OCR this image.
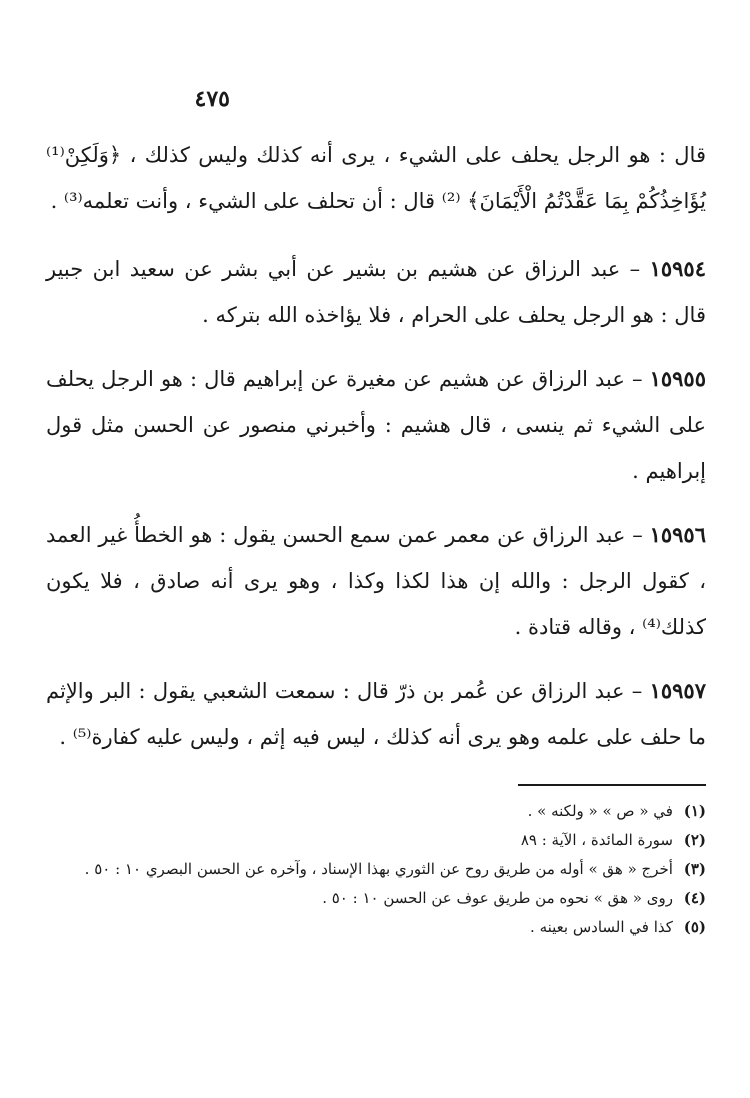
٤٧٥

قال : هو الرجل يحلف على الشيء ، يرى أنه كذلك وليس كذلك ، ﴿وَلَكِنْ⁽¹⁾ يُؤَاخِذُكُمْ بِمَا عَقَّدْتُمُ الْأَيْمَانَ﴾ ⁽²⁾ قال : أن تحلف على الشيء ، وأنت تعلمه⁽³⁾ .

١٥٩٥٤ – عبد الرزاق عن هشيم بن بشير عن أبي بشر عن سعيد ابن جبير قال : هو الرجل يحلف على الحرام ، فلا يؤاخذه الله بتركه .

١٥٩٥٥ – عبد الرزاق عن هشيم عن مغيرة عن إبراهيم قال : هو الرجل يحلف على الشيء ثم ينسى ، قال هشيم : وأخبرني منصور عن الحسن مثل قول إبراهيم .

١٥٩٥٦ – عبد الرزاق عن معمر عمن سمع الحسن يقول : هو الخطأُ غير العمد ، كقول الرجل : والله إن هذا لكذا وكذا ، وهو يرى أنه صادق ، فلا يكون كذلك⁽⁴⁾ ، وقاله قتادة .

١٥٩٥٧ – عبد الرزاق عن عُمر بن ذرّ قال : سمعت الشعبي يقول : البر والإثم ما حلف على علمه وهو يرى أنه كذلك ، ليس فيه إثم ، وليس عليه كفارة⁽⁵⁾ .

(١) في « ص » « ولكنه » .
(٢) سورة المائدة ، الآية : ٨٩
(٣) أخرج « هق » أوله من طريق روح عن الثوري بهذا الإسناد ، وآخره عن الحسن البصري ١٠ : ٥٠ .
(٤) روى « هق » نحوه من طريق عوف عن الحسن ١٠ : ٥٠ .
(٥) كذا في السادس بعينه .
